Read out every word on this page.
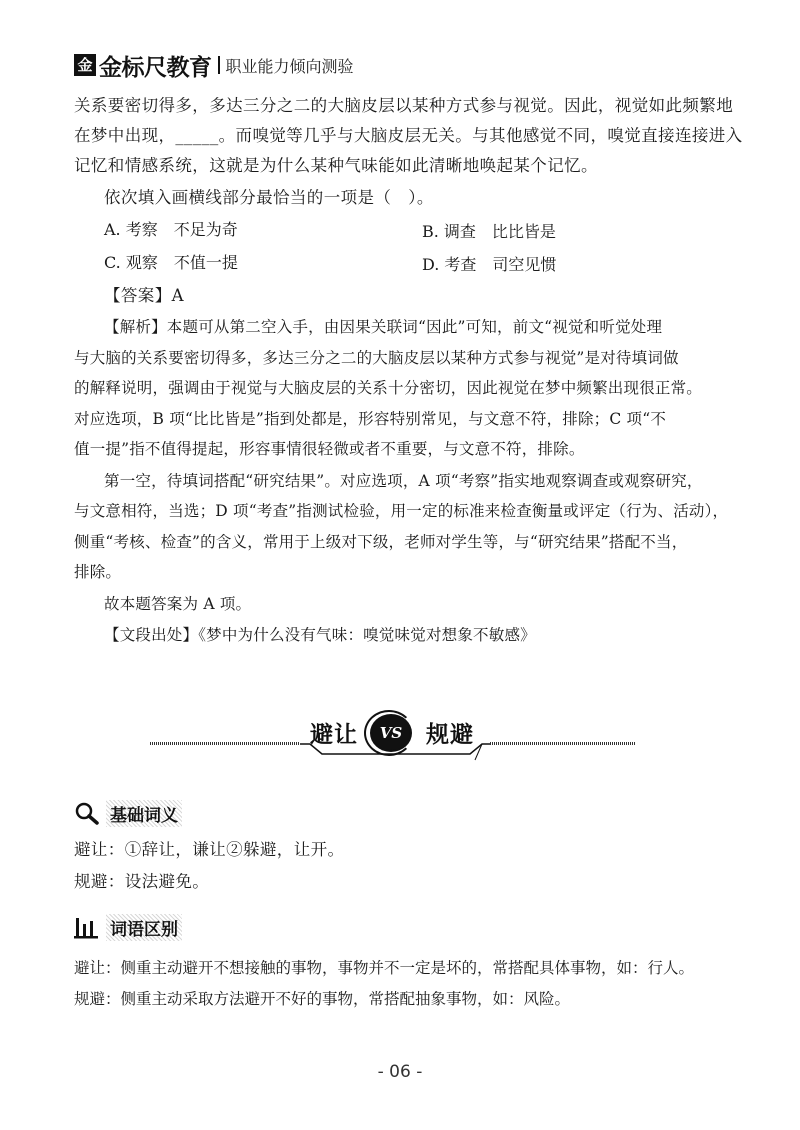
金 金标尺教育 职业能力倾向测验
关系要密切得多，多达三分之二的大脑皮层以某种方式参与视觉。因此，视觉如此频繁地
在梦中出现，_____。而嗅觉等几乎与大脑皮层无关。与其他感觉不同，嗅觉直接连接进入
记忆和情感系统，这就是为什么某种气味能如此清晰地唤起某个记忆。
依次填入画横线部分最恰当的一项是（　）。
A. 考察　不足为奇	B. 调查　比比皆是
C. 观察　不值一提	D. 考查　司空见惯
【答案】A
【解析】本题可从第二空入手，由因果关联词“因此”可知，前文“视觉和听觉处理
与大脑的关系要密切得多，多达三分之二的大脑皮层以某种方式参与视觉”是对待填词做
的解释说明，强调由于视觉与大脑皮层的关系十分密切，因此视觉在梦中频繁出现很正常。
对应选项，B 项“比比皆是”指到处都是，形容特别常见，与文意不符，排除；C 项“不
值一提”指不值得提起，形容事情很轻微或者不重要，与文意不符，排除。
第一空，待填词搭配“研究结果”。对应选项，A 项“考察”指实地观察调查或观察研究，
与文意相符，当选；D 项“考查”指测试检验，用一定的标准来检查衡量或评定（行为、活动），
侧重“考核、检查”的含义，常用于上级对下级，老师对学生等，与“研究结果”搭配不当，
排除。
故本题答案为 A 项。
【文段出处】《梦中为什么没有气味：嗅觉味觉对想象不敏感》
避让 VS 规避
基础词义
避让：①辞让，谦让②躲避，让开。
规避：设法避免。
词语区别
避让：侧重主动避开不想接触的事物，事物并不一定是坏的，常搭配具体事物，如：行人。
规避：侧重主动采取方法避开不好的事物，常搭配抽象事物，如：风险。
- 06 -
